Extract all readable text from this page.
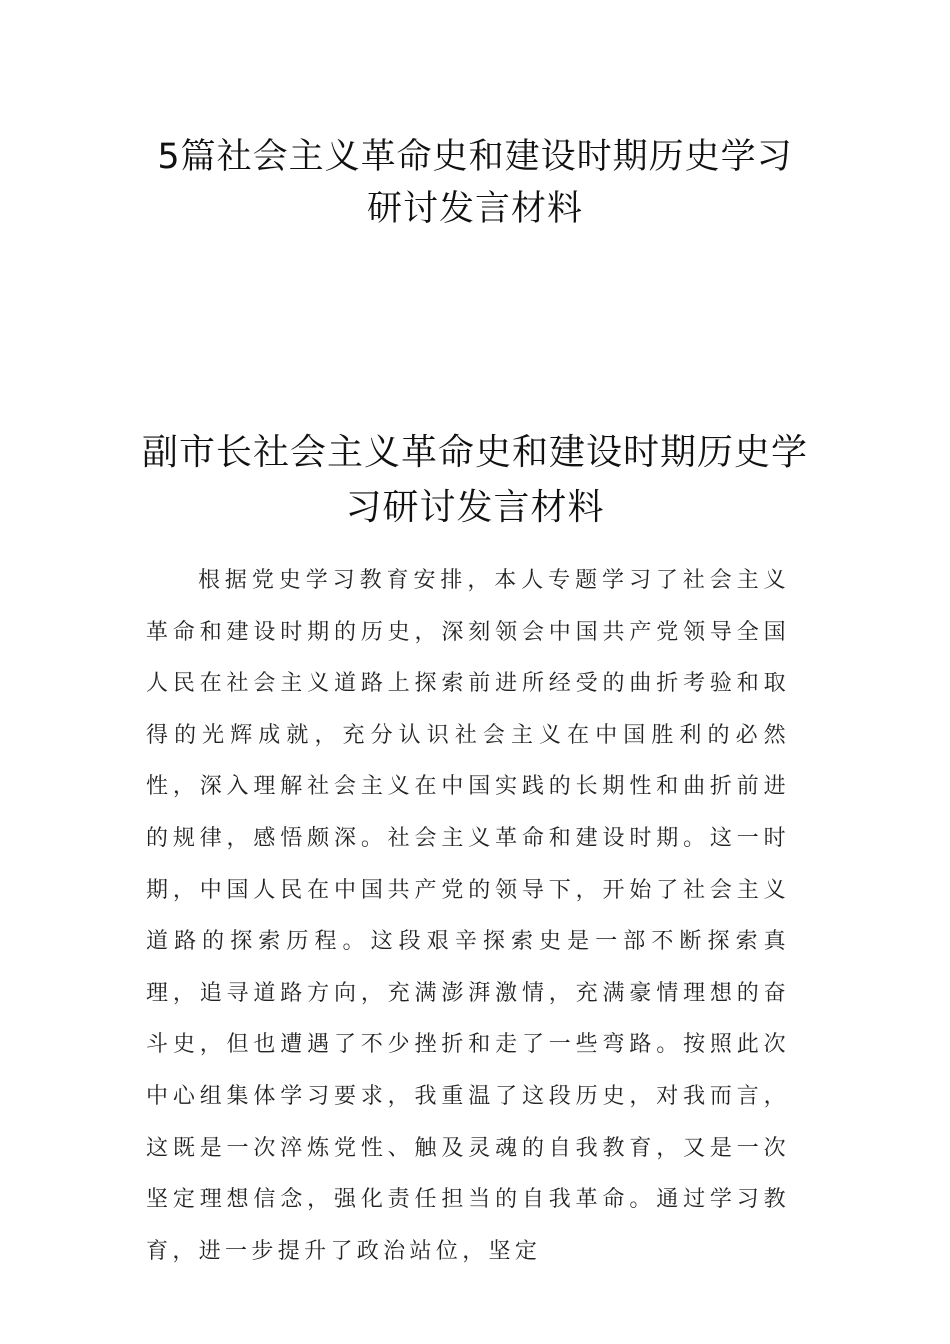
5篇社会主义革命史和建设时期历史学习研讨发言材料
副市长社会主义革命史和建设时期历史学习研讨发言材料

根据党史学习教育安排，本人专题学习了社会主义革命和建设时期的历史，深刻领会中国共产党领导全国人民在社会主义道路上探索前进所经受的曲折考验和取得的光辉成就，充分认识社会主义在中国胜利的必然性，深入理解社会主义在中国实践的长期性和曲折前进的规律，感悟颇深。社会主义革命和建设时期。这一时期，中国人民在中国共产党的领导下，开始了社会主义道路的探索历程。这段艰辛探索史是一部不断探索真理，追寻道路方向，充满澎湃激情，充满豪情理想的奋斗史，但也遭遇了不少挫折和走了一些弯路。按照此次中心组集体学习要求，我重温了这段历史，对我而言，这既是一次淬炼党性、触及灵魂的自我教育，又是一次坚定理想信念，强化责任担当的自我革命。通过学习教育，进一步提升了政治站位，坚定
